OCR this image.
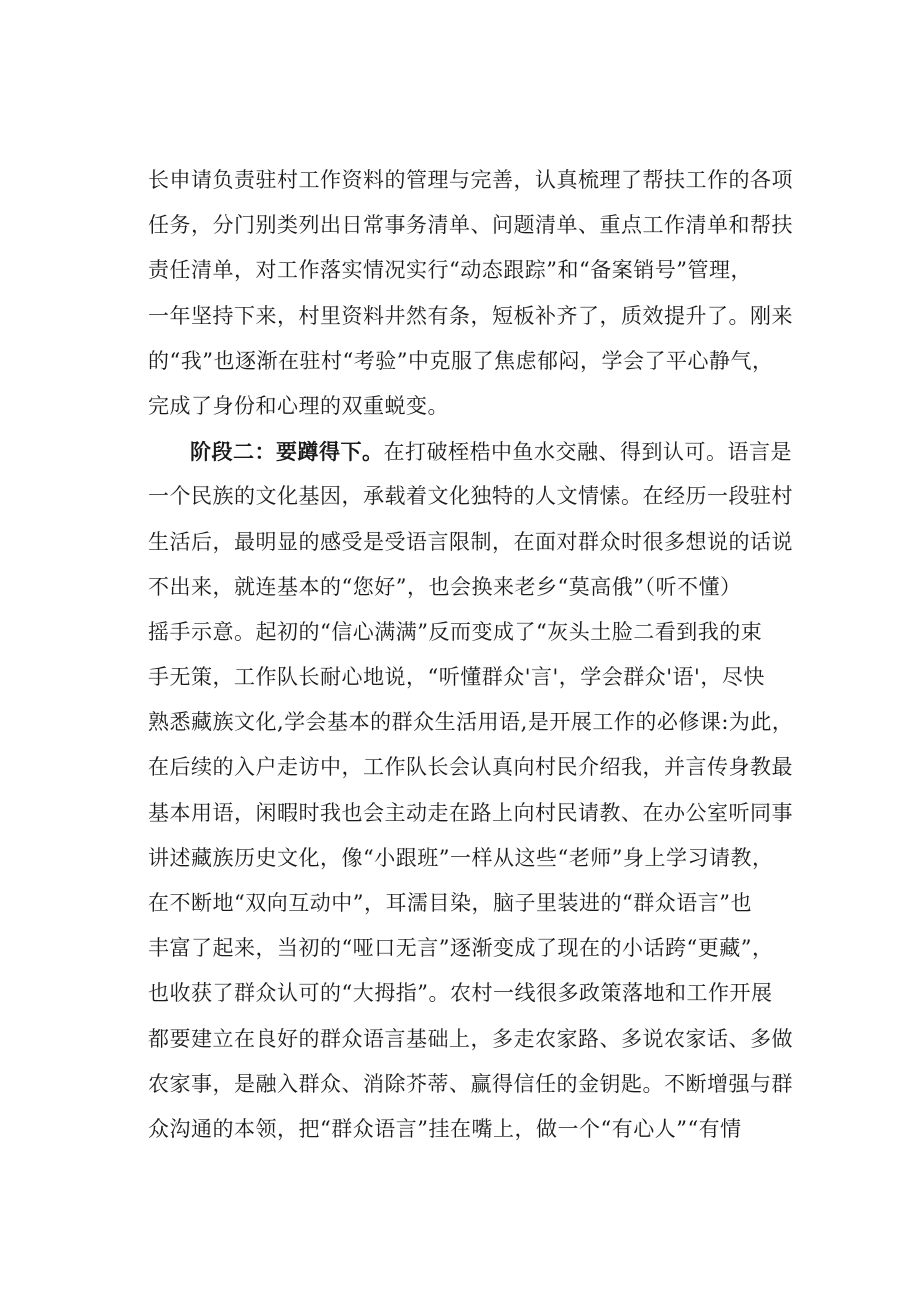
长申请负责驻村工作资料的管理与完善，认真梳理了帮扶工作的各项
任务，分门别类列出日常事务清单、问题清单、重点工作清单和帮扶
责任清单，对工作落实情况实行“动态跟踪”和“备案销号”管理，
一年坚持下来，村里资料井然有条，短板补齐了，质效提升了。刚来
的“我”也逐渐在驻村“考验”中克服了焦虑郁闷，学会了平心静气，
完成了身份和心理的双重蜕变。
阶段二：要蹲得下。在打破桎梏中鱼水交融、得到认可。语言是
一个民族的文化基因，承载着文化独特的人文情愫。在经历一段驻村
生活后，最明显的感受是受语言限制，在面对群众时很多想说的话说
不出来，就连基本的“您好”，也会换来老乡“莫高俄”（听不懂）
摇手示意。起初的“信心满满”反而变成了“灰头土脸二看到我的束
手无策，工作队长耐心地说，“听懂群众'言'，学会群众'语'，尽快
熟悉藏族文化,学会基本的群众生活用语,是开展工作的必修课:为此，
在后续的入户走访中，工作队长会认真向村民介绍我，并言传身教最
基本用语，闲暇时我也会主动走在路上向村民请教、在办公室听同事
讲述藏族历史文化，像“小跟班”一样从这些“老师”身上学习请教，
在不断地“双向互动中”，耳濡目染，脑子里装进的“群众语言”也
丰富了起来，当初的“哑口无言”逐渐变成了现在的小话跨“更藏”，
也收获了群众认可的“大拇指”。农村一线很多政策落地和工作开展
都要建立在良好的群众语言基础上，多走农家路、多说农家话、多做
农家事，是融入群众、消除芥蒂、赢得信任的金钥匙。不断增强与群
众沟通的本领，把“群众语言”挂在嘴上，做一个“有心人”“有情
